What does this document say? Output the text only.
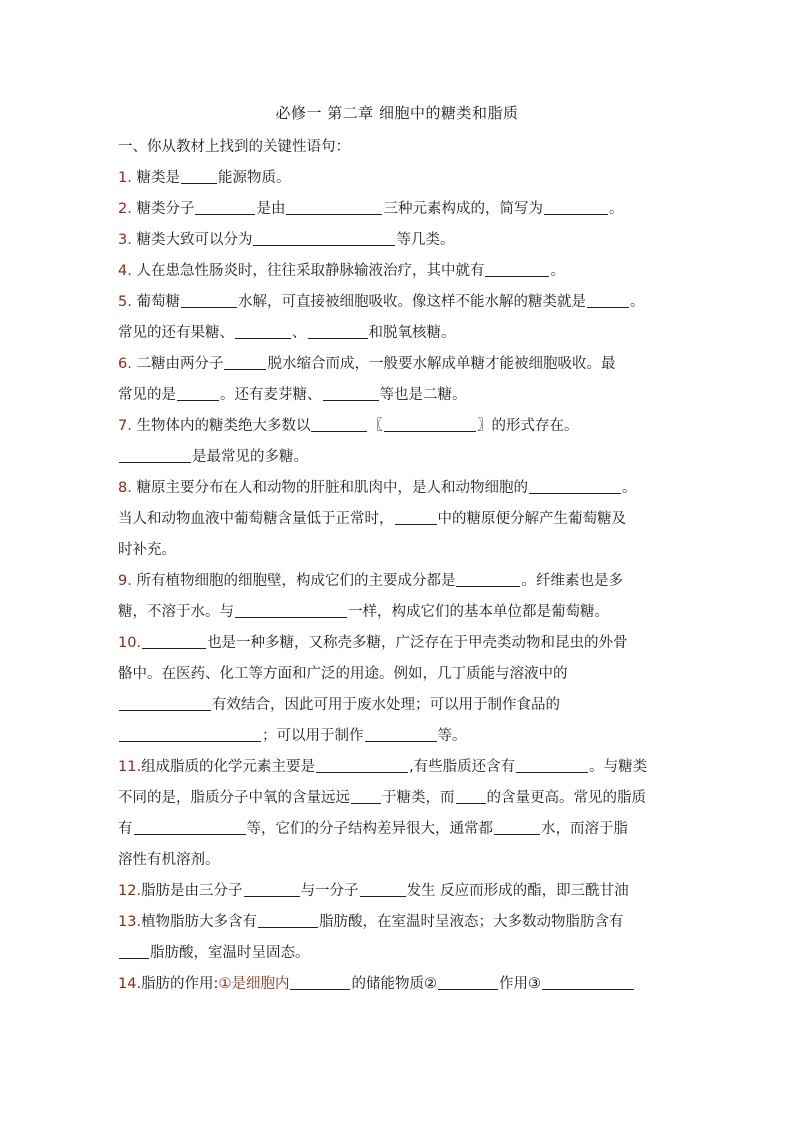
必修一 第二章 细胞中的糖类和脂质
一、你从教材上找到的关键性语句：

1. 糖类是	能源物质。

2. 糖类分子	是由	三种元素构成的，简写为	。

3. 糖类大致可以分为	等几类。

4. 人在患急性肠炎时，往往采取静脉输液治疗，其中就有	。

5. 葡萄糖	水解，可直接被细胞吸收。像这样不能水解的糖类就是	。
常见的还有果糖、	、	和脱氧核糖。

6. 二糖由两分子	脱水缩合而成，一般要水解成单糖才能被细胞吸收。最
常见的是	。还有麦芽糖、	等也是二糖。

7. 生物体内的糖类绝大多数以	〖	〗的形式存在。
是最常见的多糖。

8. 糖原主要分布在人和动物的肝脏和肌肉中，是人和动物细胞的	。
当人和动物血液中葡萄糖含量低于正常时，	中的糖原便分解产生葡萄糖及
时补充。

9. 所有植物细胞的细胞壁，构成它们的主要成分都是	。纤维素也是多
糖，不溶于水。与	一样，构成它们的基本单位都是葡萄糖。

10.	也是一种多糖，又称壳多糖，广泛存在于甲壳类动物和昆虫的外骨
骼中。在医药、化工等方面和广泛的用途。例如，几丁质能与溶液中的
有效结合，因此可用于废水处理；可以用于制作食品的
；可以用于制作	等。

11.组成脂质的化学元素主要是	,有些脂质还含有	。与糖类
不同的是，脂质分子中氧的含量远远 于糖类，而 的含量更高。常见的脂质
有	等，它们的分子结构差异很大，通常都	水，而溶于脂
溶性有机溶剂。

12.脂肪是由三分子	与一分子	发生 反应而形成的酯，即三酰甘油

13.植物脂肪大多含有	脂肪酸，在室温时呈液态；大多数动物脂肪含有
脂肪酸，室温时呈固态。

14.脂肪的作用:①是细胞内	的储能物质②	作用③
